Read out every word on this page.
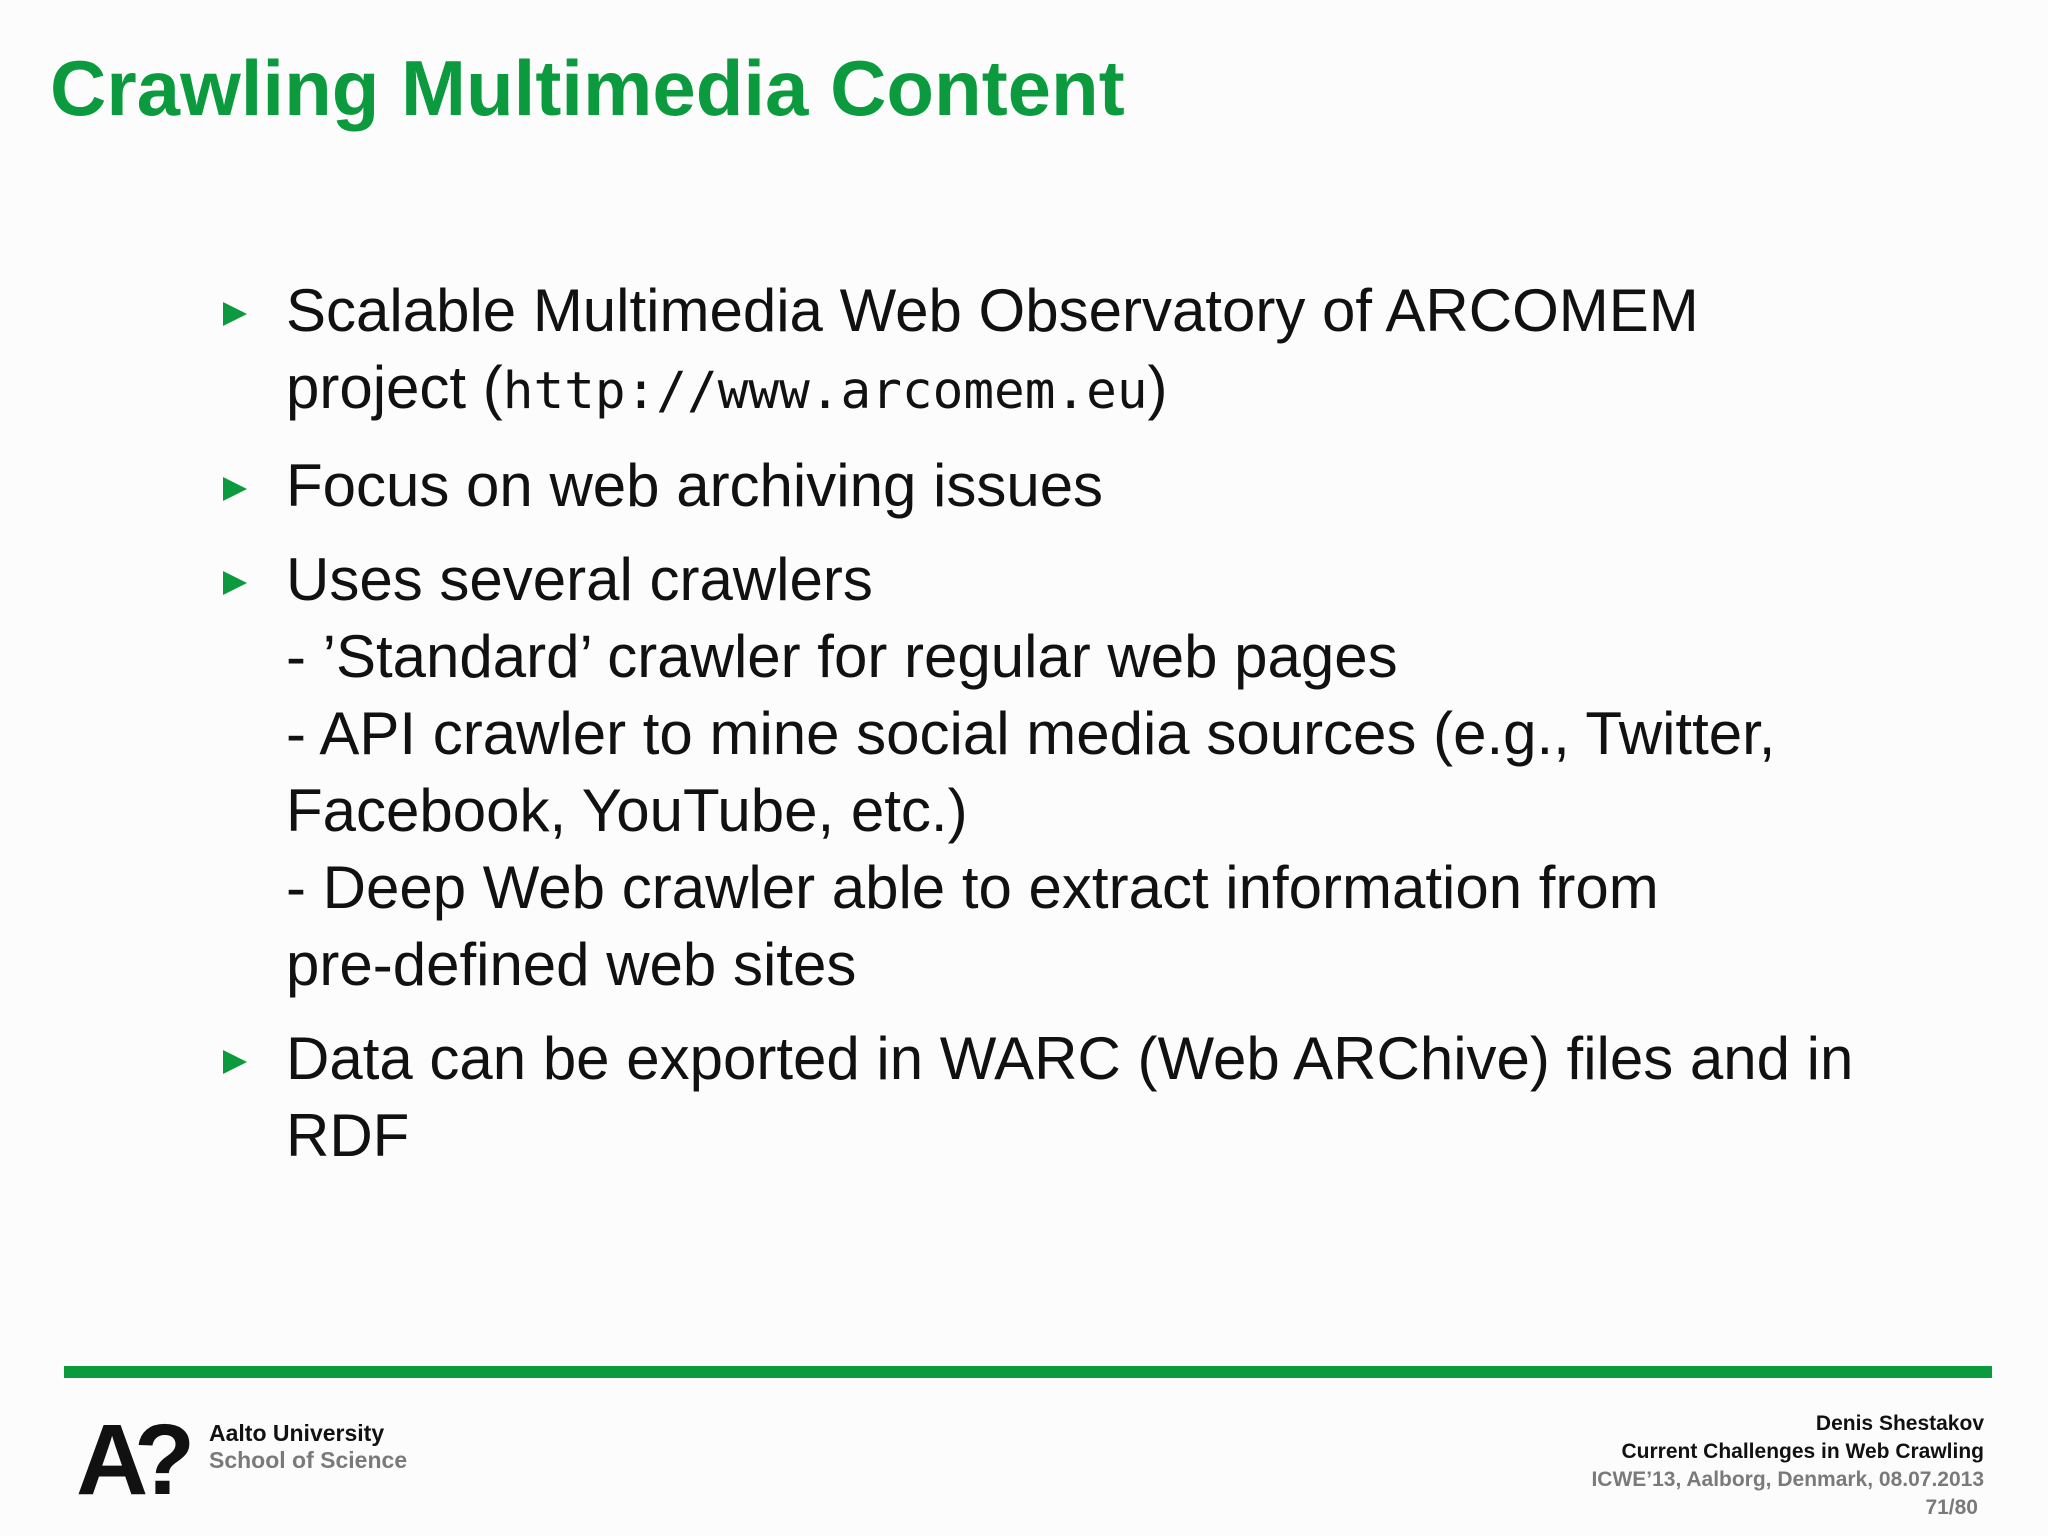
Crawling Multimedia Content
Scalable Multimedia Web Observatory of ARCOMEM
project (http://www.arcomem.eu)
Focus on web archiving issues
Uses several crawlers
- ’Standard’ crawler for regular web pages
- API crawler to mine social media sources (e.g., Twitter,
Facebook, YouTube, etc.)
- Deep Web crawler able to extract information from
pre-defined web sites
Data can be exported in WARC (Web ARChive) files and in
RDF
A
? Aalto University
School of Science
Denis Shestakov
Current Challenges in Web Crawling
ICWE’13, Aalborg, Denmark, 08.07.2013
71/80
